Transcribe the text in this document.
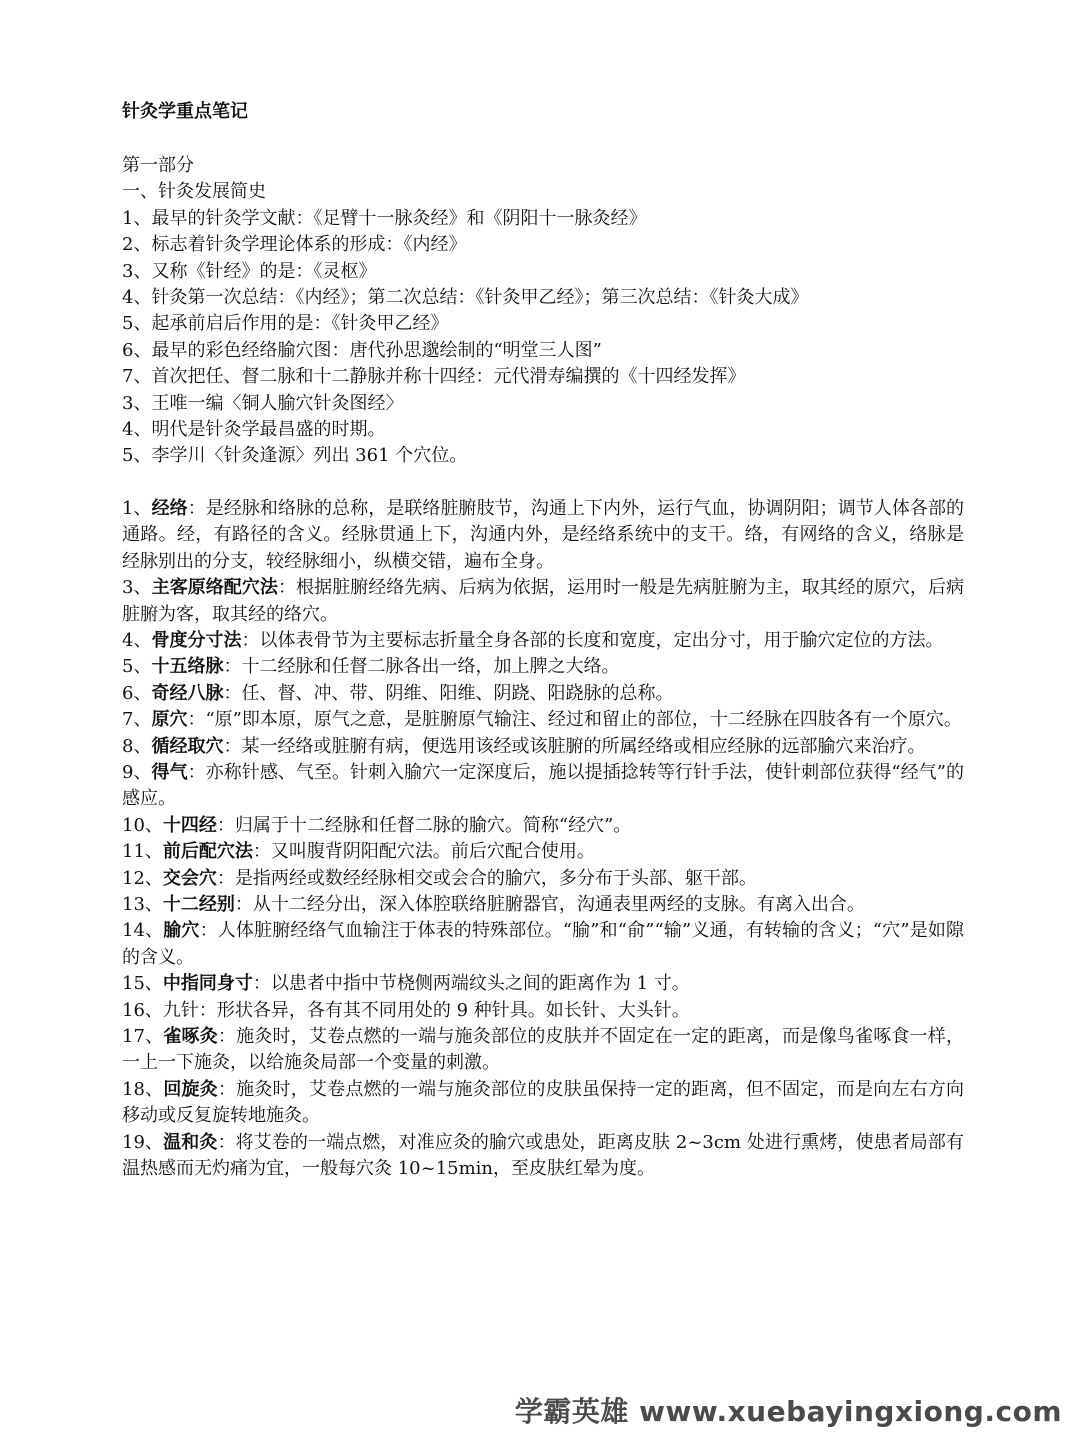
针灸学重点笔记
第一部分
一、针灸发展简史
1、最早的针灸学文献：《足臂十一脉灸经》和《阴阳十一脉灸经》
2、标志着针灸学理论体系的形成：《内经》
3、又称《针经》的是：《灵枢》
4、针灸第一次总结：《内经》；第二次总结：《针灸甲乙经》；第三次总结：《针灸大成》
5、起承前启后作用的是：《针灸甲乙经》
6、最早的彩色经络腧穴图：唐代孙思邈绘制的“明堂三人图”
7、首次把任、督二脉和十二静脉并称十四经：元代滑寿编撰的《十四经发挥》
3、王唯一编〈铜人腧穴针灸图经〉
4、明代是针灸学最昌盛的时期。
5、李学川〈针灸逢源〉列出 361 个穴位。
1、经络：是经脉和络脉的总称，是联络脏腑肢节，沟通上下内外，运行气血，协调阴阳；调节人体各部的通路。经，有路径的含义。经脉贯通上下，沟通内外，是经络系统中的支干。络，有网络的含义，络脉是经脉别出的分支，较经脉细小，纵横交错，遍布全身。
3、主客原络配穴法：根据脏腑经络先病、后病为依据，运用时一般是先病脏腑为主，取其经的原穴，后病脏腑为客，取其经的络穴。
4、骨度分寸法：以体表骨节为主要标志折量全身各部的长度和宽度，定出分寸，用于腧穴定位的方法。
5、十五络脉：十二经脉和任督二脉各出一络，加上脾之大络。
6、奇经八脉：任、督、冲、带、阴维、阳维、阴跷、阳跷脉的总称。
7、原穴：“原”即本原，原气之意，是脏腑原气输注、经过和留止的部位，十二经脉在四肢各有一个原穴。
8、循经取穴：某一经络或脏腑有病，便选用该经或该脏腑的所属经络或相应经脉的远部腧穴来治疗。
9、得气：亦称针感、气至。针刺入腧穴一定深度后，施以提插捻转等行针手法，使针刺部位获得“经气”的感应。
10、十四经：归属于十二经脉和任督二脉的腧穴。简称“经穴”。
11、前后配穴法：又叫腹背阴阳配穴法。前后穴配合使用。
12、交会穴：是指两经或数经经脉相交或会合的腧穴，多分布于头部、躯干部。
13、十二经别：从十二经分出，深入体腔联络脏腑器官，沟通表里两经的支脉。有离入出合。
14、腧穴：人体脏腑经络气血输注于体表的特殊部位。“腧”和“俞”“输”义通，有转输的含义；“穴”是如隙的含义。
15、中指同身寸：以患者中指中节桡侧两端纹头之间的距离作为 1 寸。
16、九针：形状各异，各有其不同用处的 9 种针具。如长针、大头针。
17、雀啄灸：施灸时，艾卷点燃的一端与施灸部位的皮肤并不固定在一定的距离，而是像鸟雀啄食一样，一上一下施灸，以给施灸局部一个变量的刺激。
18、回旋灸：施灸时，艾卷点燃的一端与施灸部位的皮肤虽保持一定的距离，但不固定，而是向左右方向移动或反复旋转地施灸。
19、温和灸：将艾卷的一端点燃，对准应灸的腧穴或患处，距离皮肤 2~3cm 处进行熏烤，使患者局部有温热感而无灼痛为宜，一般每穴灸 10~15min，至皮肤红晕为度。
学霸英雄 www.xuebayingxiong.com
